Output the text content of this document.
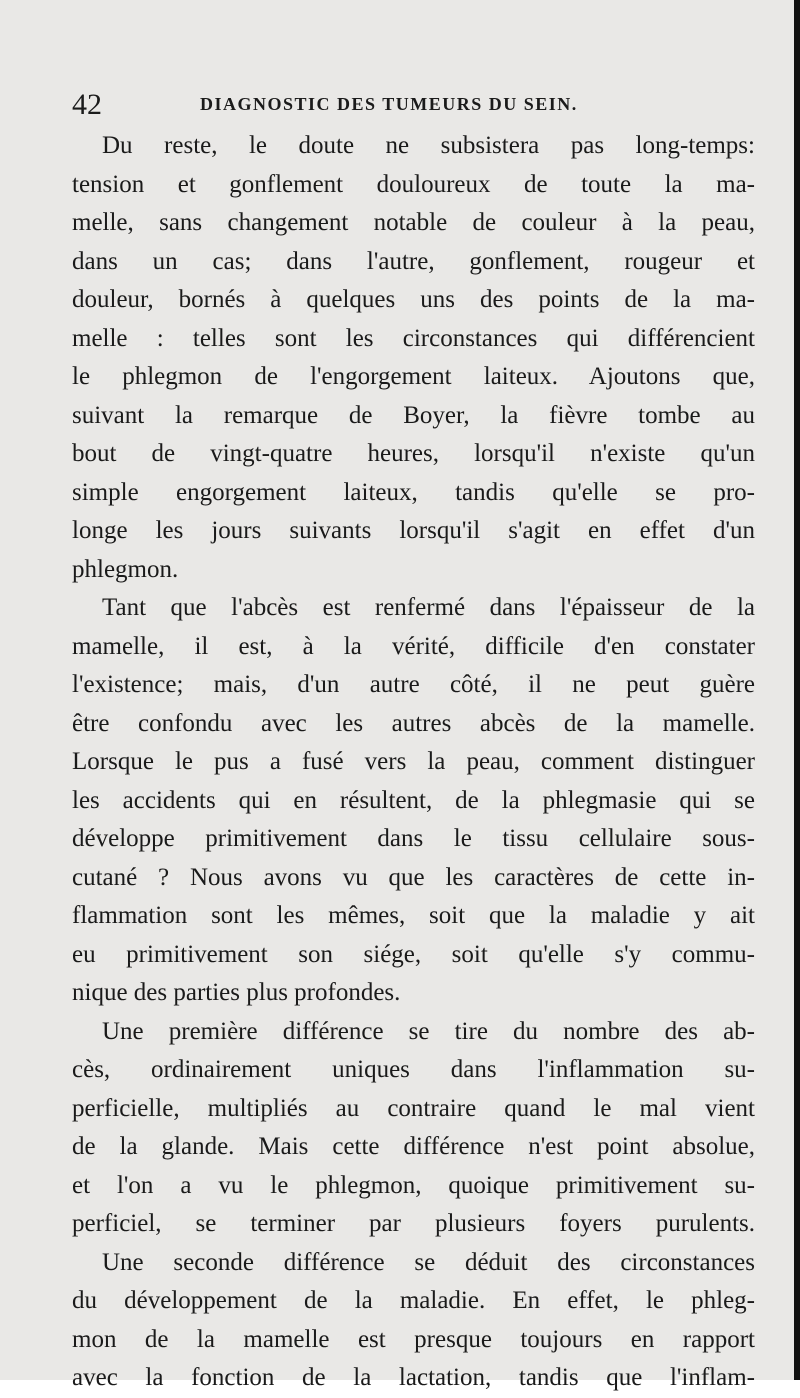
42	DIAGNOSTIC DES TUMEURS DU SEIN.
Du reste, le doute ne subsistera pas long-temps:
tension et gonflement douloureux de toute la ma-
melle, sans changement notable de couleur à la peau,
dans un cas; dans l'autre, gonflement, rougeur et
douleur, bornés à quelques uns des points de la ma-
melle : telles sont les circonstances qui différencient
le phlegmon de l'engorgement laiteux. Ajoutons que,
suivant la remarque de Boyer, la fièvre tombe au
bout de vingt-quatre heures, lorsqu'il n'existe qu'un
simple engorgement laiteux, tandis qu'elle se pro-
longe les jours suivants lorsqu'il s'agit en effet d'un
phlegmon.
Tant que l'abcès est renfermé dans l'épaisseur de la
mamelle, il est, à la vérité, difficile d'en constater
l'existence; mais, d'un autre côté, il ne peut guère
être confondu avec les autres abcès de la mamelle.
Lorsque le pus a fusé vers la peau, comment distinguer
les accidents qui en résultent, de la phlegmasie qui se
développe primitivement dans le tissu cellulaire sous-
cutané ? Nous avons vu que les caractères de cette in-
flammation sont les mêmes, soit que la maladie y ait
eu primitivement son siége, soit qu'elle s'y commu-
nique des parties plus profondes.
Une première différence se tire du nombre des ab-
cès, ordinairement uniques dans l'inflammation su-
perficielle, multipliés au contraire quand le mal vient
de la glande. Mais cette différence n'est point absolue,
et l'on a vu le phlegmon, quoique primitivement su-
perficiel, se terminer par plusieurs foyers purulents.
Une seconde différence se déduit des circonstances
du développement de la maladie. En effet, le phleg-
mon de la mamelle est presque toujours en rapport
avec la fonction de la lactation, tandis que l'inflam-
